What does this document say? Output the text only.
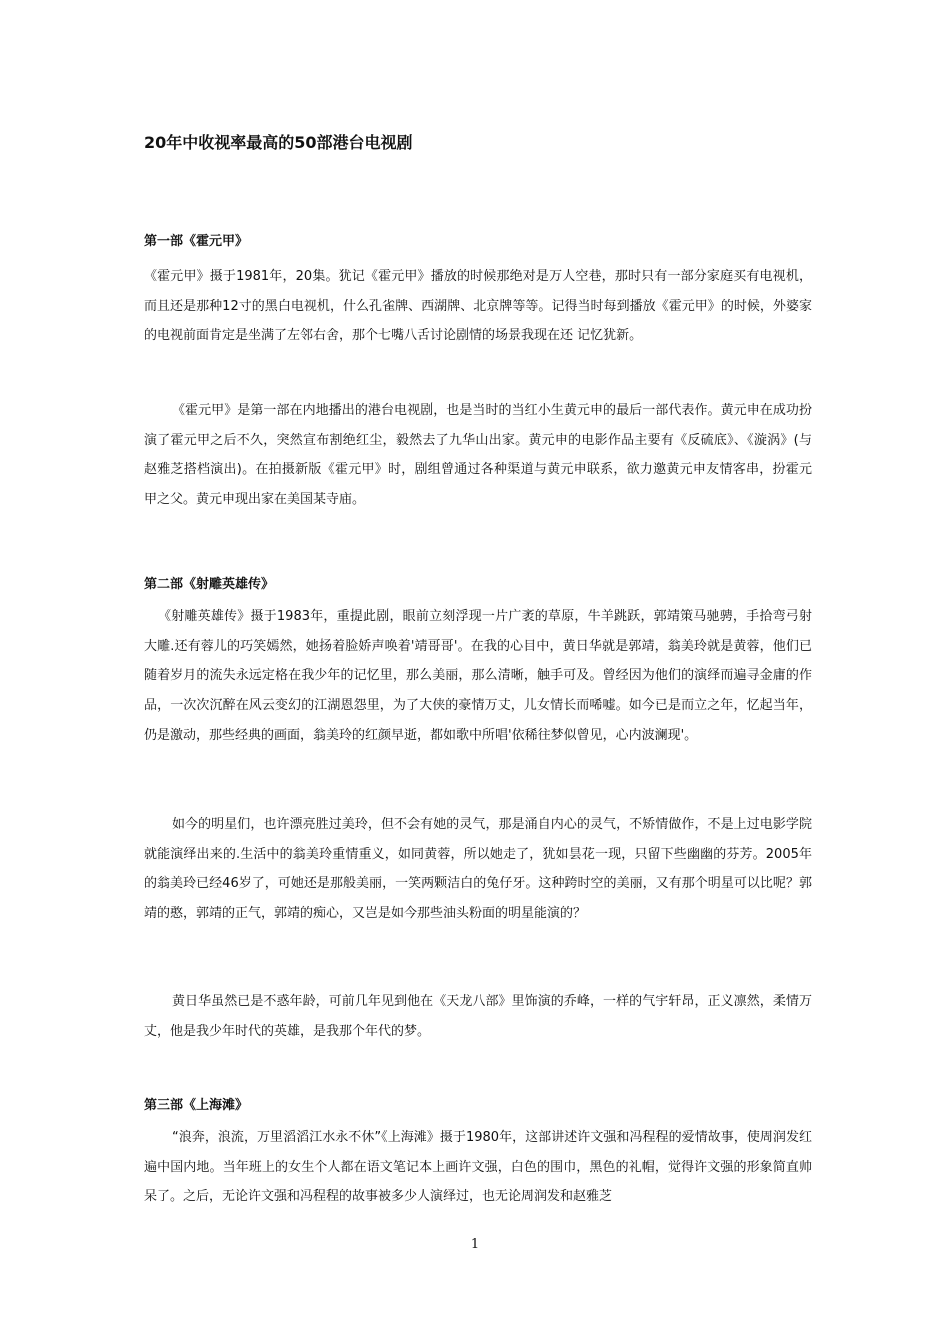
20年中收视率最高的50部港台电视剧
第一部《霍元甲》

《霍元甲》摄于1981年，20集。犹记《霍元甲》播放的时候那绝对是万人空巷，那时只有一部分家庭买有电视机，而且还是那种12寸的黑白电视机，什么孔雀牌、西湖牌、北京牌等等。记得当时每到播放《霍元甲》的时候，外婆家的电视前面肯定是坐满了左邻右舍，那个七嘴八舌讨论剧情的场景我现在还 记忆犹新。

《霍元甲》是第一部在内地播出的港台电视剧，也是当时的当红小生黄元申的最后一部代表作。黄元申在成功扮演了霍元甲之后不久，突然宣布割绝红尘，毅然去了九华山出家。黄元申的电影作品主要有《反硫底》、《漩涡》(与赵雅芝搭档演出)。在拍摄新版《霍元甲》时，剧组曾通过各种渠道与黄元申联系，欲力邀黄元申友情客串，扮霍元甲之父。黄元申现出家在美国某寺庙。

第二部《射雕英雄传》

《射雕英雄传》摄于1983年，重提此剧，眼前立刻浮现一片广袤的草原，牛羊跳跃，郭靖策马驰骋，手拾弯弓射大雕.还有蓉儿的巧笑嫣然，她扬着脸娇声唤着'靖哥哥'。在我的心目中，黄日华就是郭靖，翁美玲就是黄蓉，他们已随着岁月的流失永远定格在我少年的记忆里，那么美丽，那么清晰，触手可及。曾经因为他们的演绎而遍寻金庸的作品，一次次沉醉在风云变幻的江湖恩怨里，为了大侠的豪情万丈，儿女情长而唏嘘。如今已是而立之年，忆起当年，仍是激动，那些经典的画面，翁美玲的红颜早逝，都如歌中所唱'依稀往梦似曾见，心内波澜现'。

如今的明星们，也许漂亮胜过美玲，但不会有她的灵气，那是涌自内心的灵气，不矫情做作，不是上过电影学院就能演绎出来的.生活中的翁美玲重情重义，如同黄蓉，所以她走了，犹如昙花一现，只留下些幽幽的芬芳。2005年的翁美玲已经46岁了，可她还是那般美丽，一笑两颗洁白的兔仔牙。这种跨时空的美丽，又有那个明星可以比呢？郭靖的憨，郭靖的正气，郭靖的痴心，又岂是如今那些油头粉面的明星能演的？

黄日华虽然已是不惑年龄，可前几年见到他在《天龙八部》里饰演的乔峰，一样的气宇轩昂，正义凛然，柔情万丈，他是我少年时代的英雄，是我那个年代的梦。

第三部《上海滩》

“浪奔，浪流，万里滔滔江水永不休”《上海滩》摄于1980年，这部讲述许文强和冯程程的爱情故事，使周润发红遍中国内地。当年班上的女生个人都在语文笔记本上画许文强，白色的围巾，黑色的礼帽，觉得许文强的形象简直帅呆了。之后，无论许文强和冯程程的故事被多少人演绎过，也无论周润发和赵雅芝

1
